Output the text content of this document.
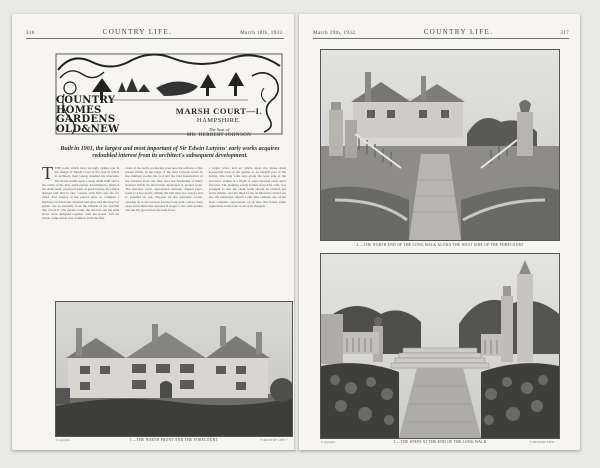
316	COUNTRY LIFE.	March 18th, 1932.
COUNTRY
HOMES
GARDENS
OLD&NEW
MARSH COURT—I.
HAMPSHIRE.
The Seat of
MR. HERBERT JOHNSON
Built in 1901, the largest and most important of Sir Edwin Lutyens' early works acquires redoubled interest from its architect's subsequent development.
T THE point which most strongly strikes one in the design of Marsh Court is the way in which its architect, then young, handled his materials. The house stands upon a steep chalk bluff above the valley of the Test, and Lutyens, determined to build of the chalk itself, produced walls of great beauty, the clunch dressed and laid in fine courses with flint and tile for relief. Few houses of the period show so complete a harmony between site, material and plan, and the long low gables rise as naturally from the hillside as the beeches that crown it. The garden walls, the terraces and the sunk pools were designed together with the house, and the whole composition was complete from the first.
cious of the north, producing even now the softness of the plaster finish, in the range of the later Lutyens work. In the chimney stacks, the roof and the bold fenestration of the entrance front one may trace the beginning of many motives which he afterwards developed at greater scale. The entrance court, approached between clipped yews, leads to a low porch; within, the hall rises two storeys and is panelled in oak. Beyond lie the principal rooms, opening on to the terraces and the long walk, whose stone steps and balustrades descend in stages to the sunk garden and the lily pool below the west front.
a larger scale, and an article upon the house must necessarily treat of the garden as an integral part of the design. The long walk runs along the west side of the forecourt, ending in a flight of steps between stone piers and urns. The planting, partly formal and partly wild, was arranged so that the chalk walls should be clothed but never hidden, and the lines of the architecture carried out into the landscape. Marsh Court thus remains one of the most complete expressions of an idea that found wider application in the later work of its designer.
Copyright.	1.—THE NORTH FRONT AND THE FORECOURT.	“COUNTRY LIFE.”
March 19th, 1932.	COUNTRY LIFE.	317
2.—THE NORTH END OF THE LONG WALK ALONG THE WEST SIDE OF THE FORECOURT
Copyright.	3.—THE STEPS AT THE END OF THE LONG WALK	“COUNTRY LIFE.”
